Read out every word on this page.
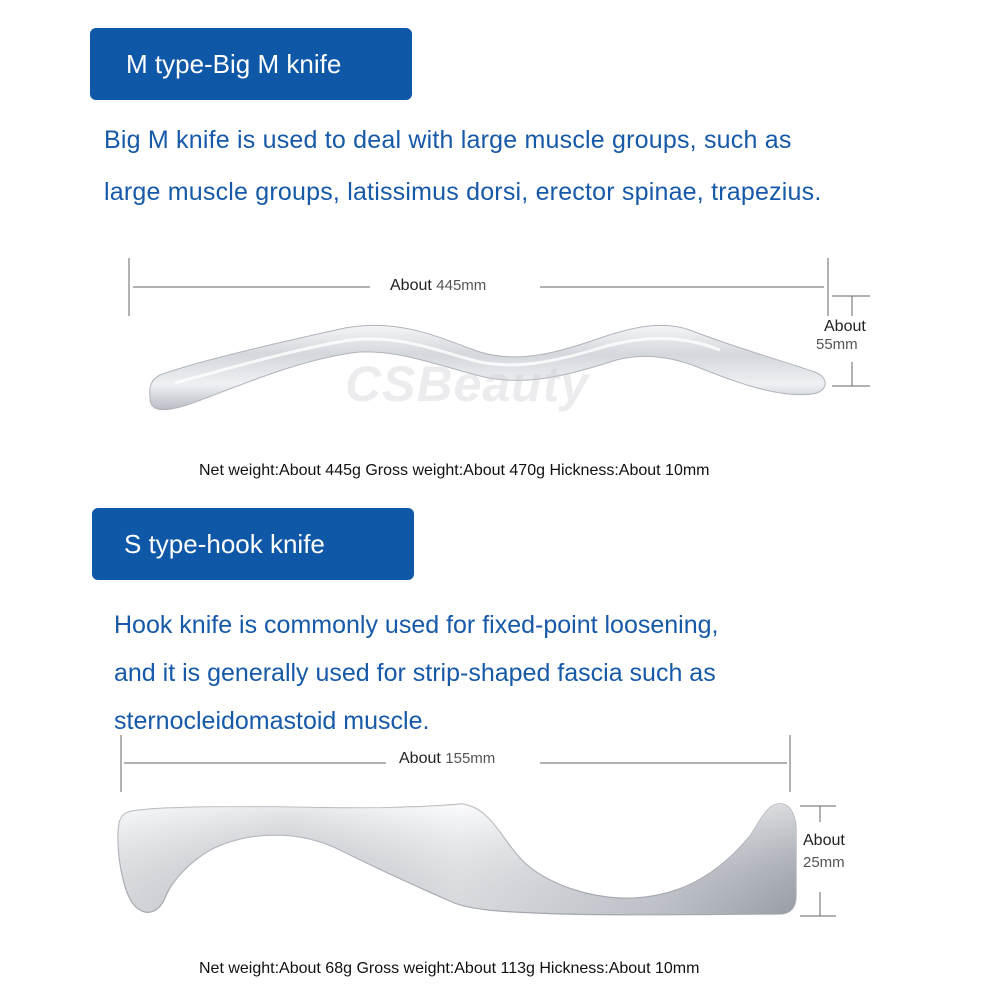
M type-Big M knife
Big M knife is used to deal with large muscle groups, such as
large muscle groups, latissimus dorsi, erector spinae, trapezius.
CSBeauty
About 445mm
About
55mm
Net weight:About 445g Gross weight:About 470g Hickness:About 10mm
S type-hook knife
Hook knife is commonly used for fixed-point loosening,
and it is generally used for strip-shaped fascia such as
sternocleidomastoid muscle.
About 155mm
About
25mm
Net weight:About 68g Gross weight:About 113g Hickness:About 10mm
